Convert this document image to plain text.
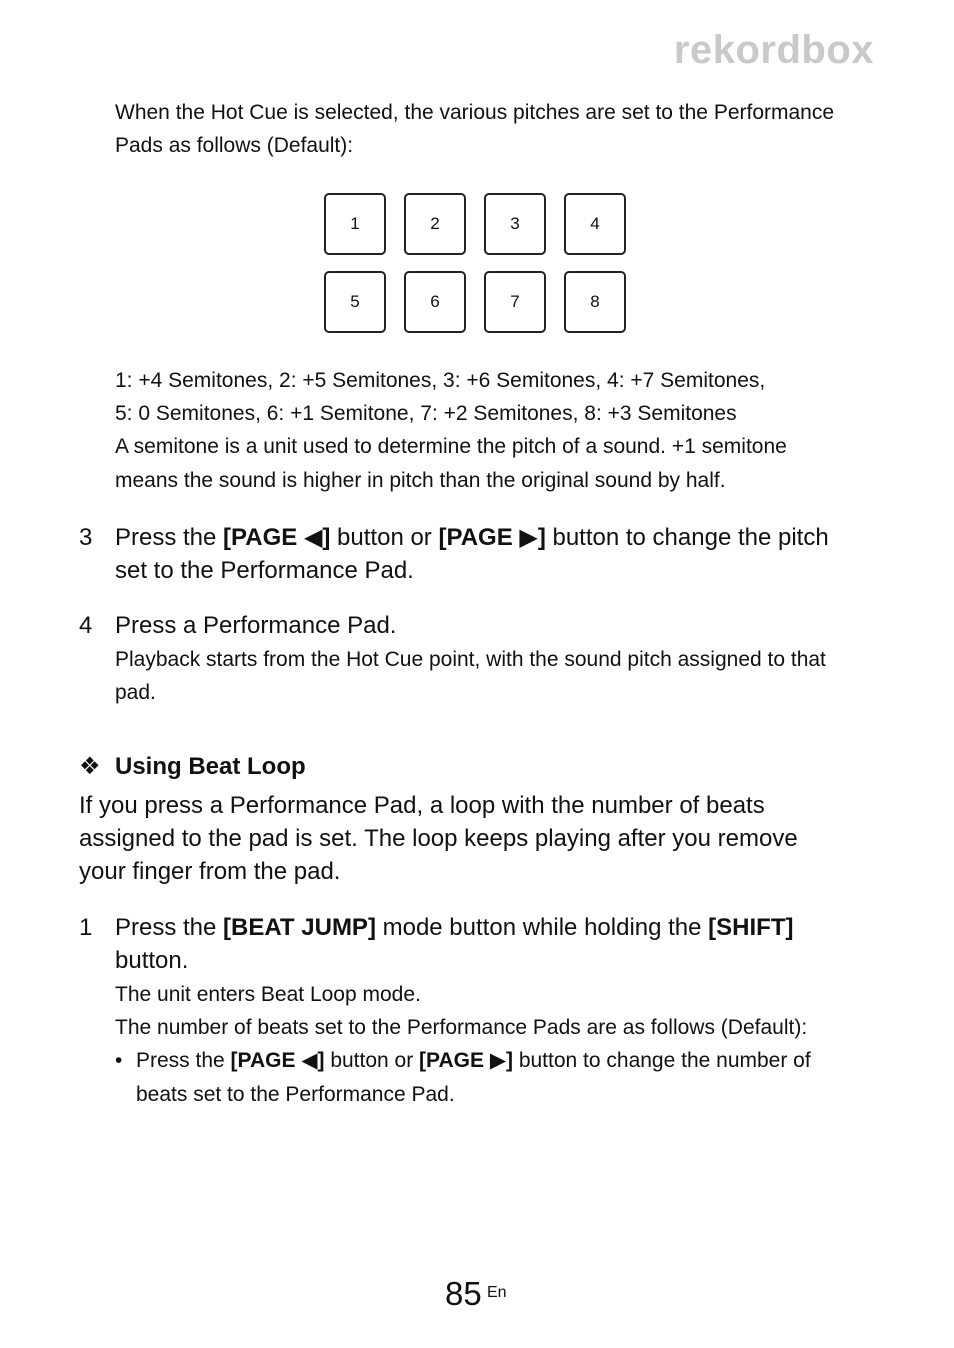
rekordbox

When the Hot Cue is selected, the various pitches are set to the Performance

Pads as follows (Default):

1	2	3	4
5	6	7	8

1: +4 Semitones, 2: +5 Semitones, 3: +6 Semitones, 4: +7 Semitones,

5: 0 Semitones, 6: +1 Semitone, 7: +2 Semitones, 8: +3 Semitones

A semitone is a unit used to determine the pitch of a sound. +1 semitone

means the sound is higher in pitch than the original sound by half.

3 Press the [PAGE ◀] button or [PAGE ▶] button to change the pitch

set to the Performance Pad.

4 Press a Performance Pad.

Playback starts from the Hot Cue point, with the sound pitch assigned to that

pad.

❖ Using Beat Loop

If you press a Performance Pad, a loop with the number of beats

assigned to the pad is set. The loop keeps playing after you remove

your finger from the pad.

1 Press the [BEAT JUMP] mode button while holding the [SHIFT]

button.

The unit enters Beat Loop mode.

The number of beats set to the Performance Pads are as follows (Default):

• Press the [PAGE ◀] button or [PAGE ▶] button to change the number of

beats set to the Performance Pad.

85 En
